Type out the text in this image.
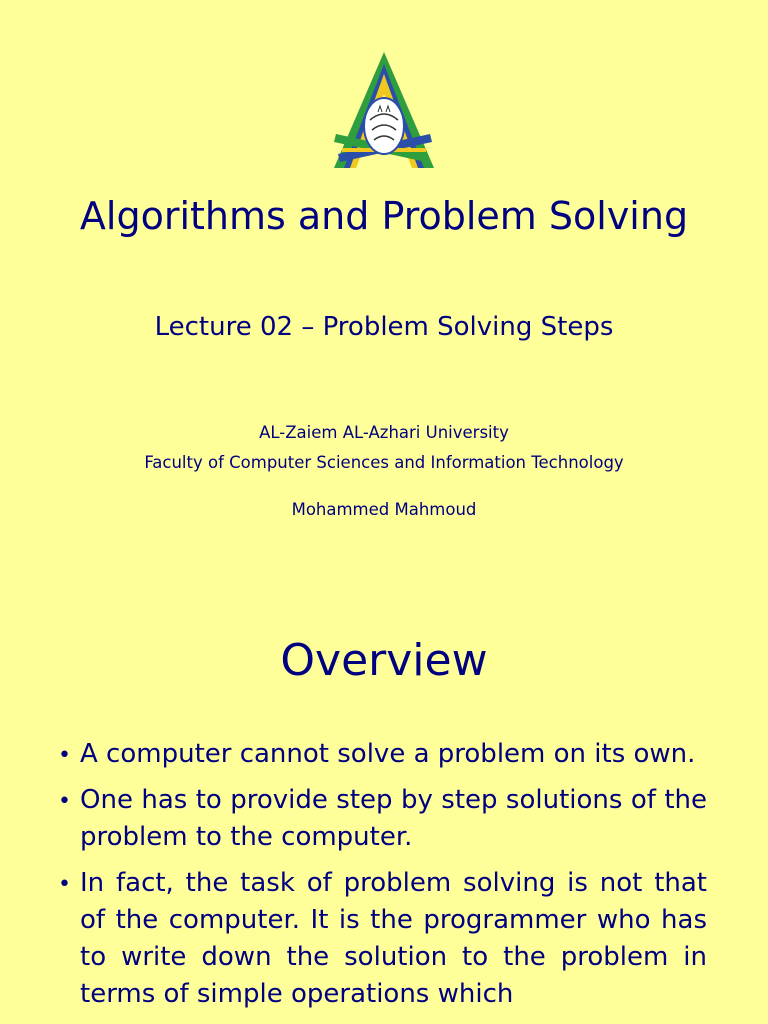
Algorithms and Problem Solving
Lecture 02 – Problem Solving Steps
AL-Zaiem AL-Azhari University
Faculty of Computer Sciences and Information Technology
Mohammed Mahmoud
Overview
• A computer cannot solve a problem on its own.
• One has to provide step by step solutions of the problem to the computer.
• In fact, the task of problem solving is not that of the computer. It is the programmer who has to write down the solution to the problem in terms of simple operations which
